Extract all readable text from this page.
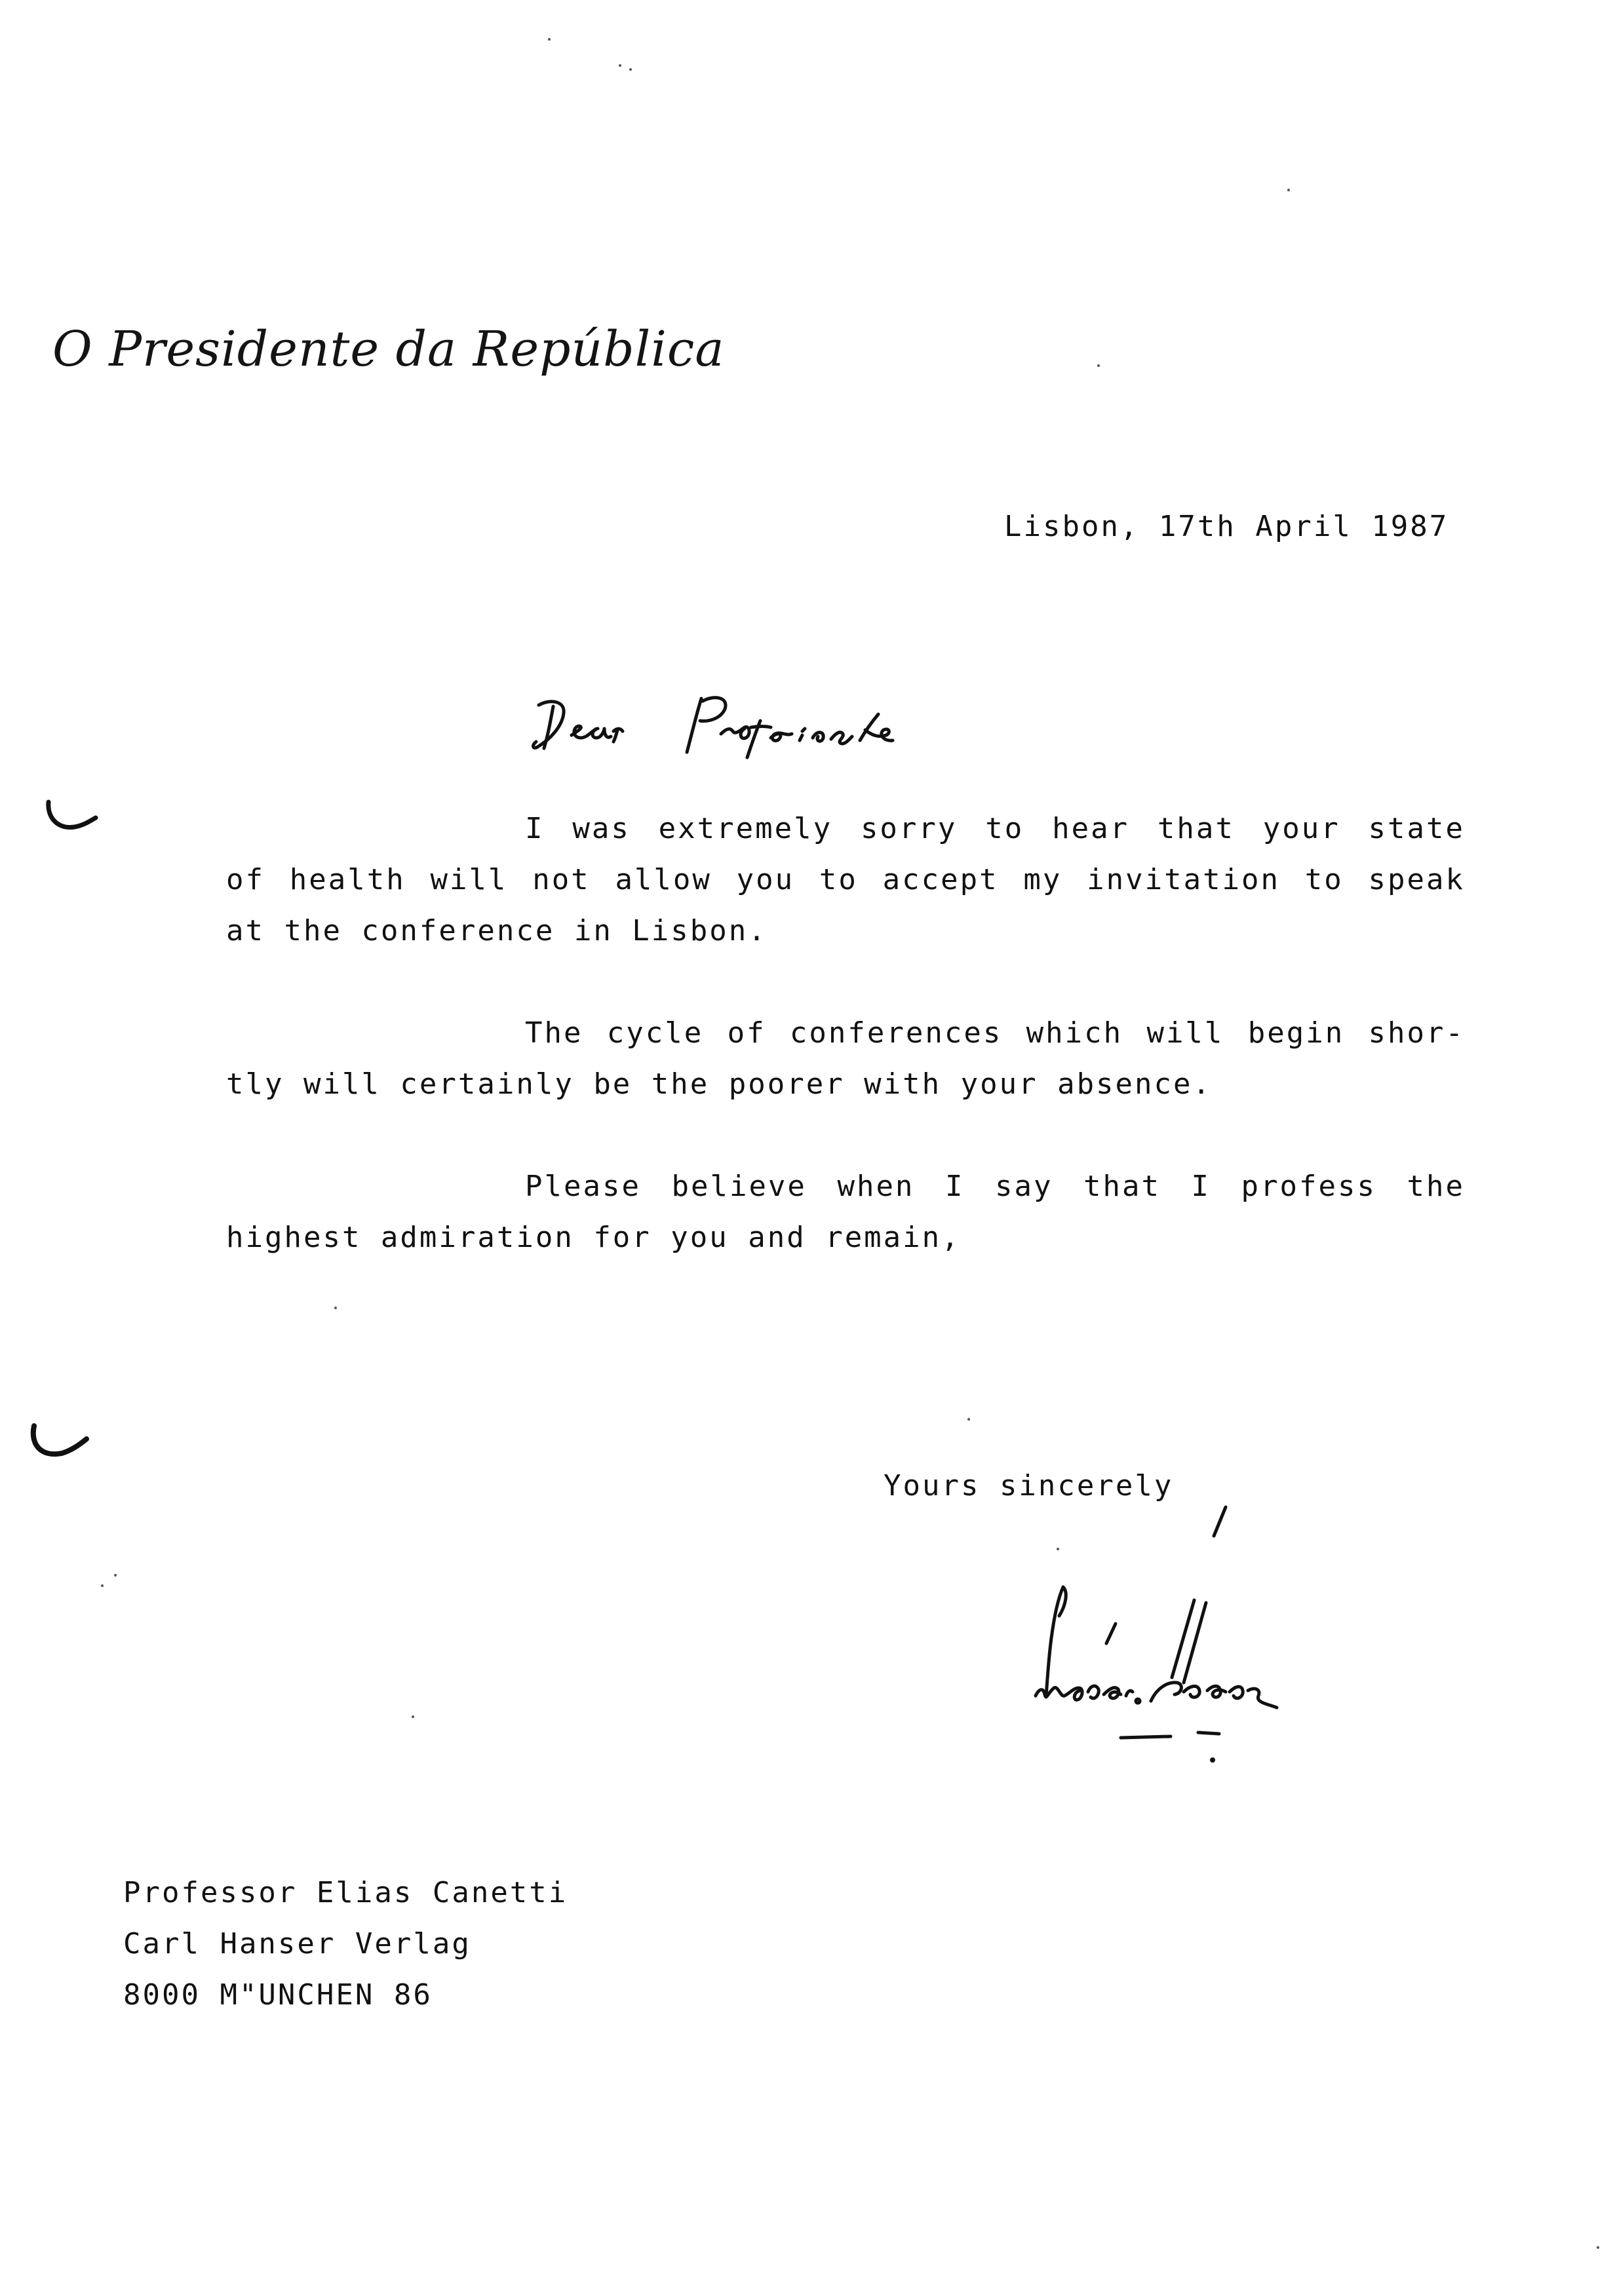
O Presidente da República
Lisbon, 17th April 1987
I was extremely sorry to hear that your state
of health will not allow you to accept my invitation to speak
at the conference in Lisbon.
The cycle of conferences which will begin shor-
tly will certainly be the poorer with your absence.
Please believe when I say that I profess the
highest admiration for you and remain,
Yours sincerely
Professor Elias Canetti
Carl Hanser Verlag
8000 M"UNCHEN 86
